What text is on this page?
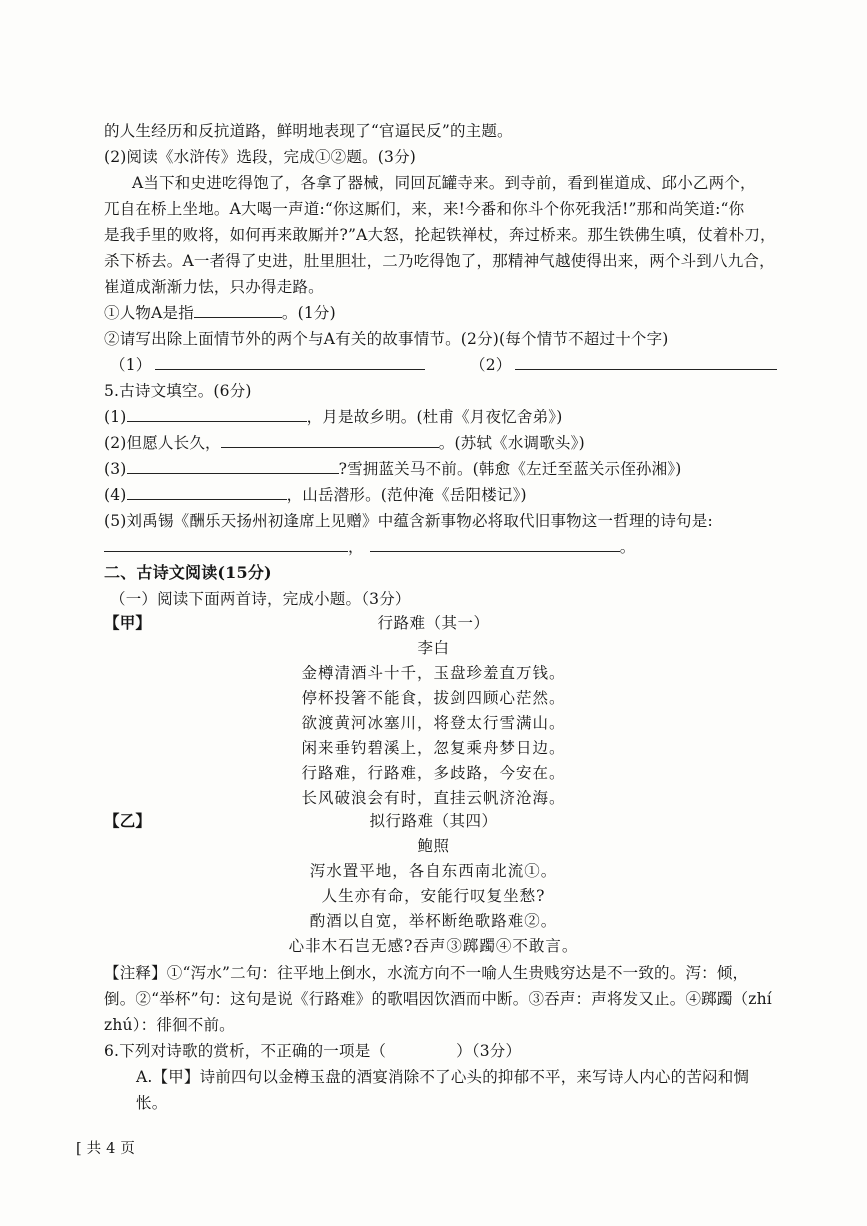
的人生经历和反抗道路，鲜明地表现了“官逼民反”的主题。
(2)阅读《水浒传》选段，完成①②题。(3分)
A当下和史进吃得饱了，各拿了器械，同回瓦罐寺来。到寺前，看到崔道成、邱小乙两个，
兀自在桥上坐地。A大喝一声道:“你这厮们，来，来!今番和你斗个你死我活!”那和尚笑道:“你
是我手里的败将，如何再来敢厮并?”A大怒，抡起铁禅杖，奔过桥来。那生铁佛生嗔，仗着朴刀，
杀下桥去。A一者得了史进，肚里胆壮，二乃吃得饱了，那精神气越使得出来，两个斗到八九合，
崔道成渐渐力怯，只办得走路。
①人物A是指	。(1分)
②请写出除上面情节外的两个与A有关的故事情节。(2分)(每个情节不超过十个字)
（1）	（2）
5.古诗文填空。(6分)
(1)	，月是故乡明。(杜甫《月夜忆舍弟》)
(2)但愿人长久，	。(苏轼《水调歌头》)
(3)	?雪拥蓝关马不前。(韩愈《左迁至蓝关示侄孙湘》)
(4)	，山岳潜形。(范仲淹《岳阳楼记》)
(5)刘禹锡《酬乐天扬州初逢席上见赠》中蕴含新事物必将取代旧事物这一哲理的诗句是:
，	。
二、古诗文阅读(15分)
（一）阅读下面两首诗，完成小题。（3分）
【甲】	行路难（其一）
李白
金樽清酒斗十千，玉盘珍羞直万钱。
停杯投箸不能食，拔剑四顾心茫然。
欲渡黄河冰塞川，将登太行雪满山。
闲来垂钓碧溪上，忽复乘舟梦日边。
行路难，行路难，多歧路，今安在。
长风破浪会有时，直挂云帆济沧海。
【乙】	拟行路难（其四）
鲍照
泻水置平地，各自东西南北流①。
人生亦有命，安能行叹复坐愁?
酌酒以自宽，举杯断绝歌路难②。
心非木石岂无感?吞声③踯躅④不敢言。
【注释】①“泻水”二句：往平地上倒水，水流方向不一喻人生贵贱穷达是不一致的。泻：倾，
倒。②“举杯”句：这句是说《行路难》的歌唱因饮酒而中断。③吞声：声将发又止。④踯躅（zhí
zhú）：徘徊不前。
6.下列对诗歌的赏析，不正确的一项是（	）（3分）
A.【甲】诗前四句以金樽玉盘的酒宴消除不了心头的抑郁不平，来写诗人内心的苦闷和惆
怅。
[ 共 4 页
